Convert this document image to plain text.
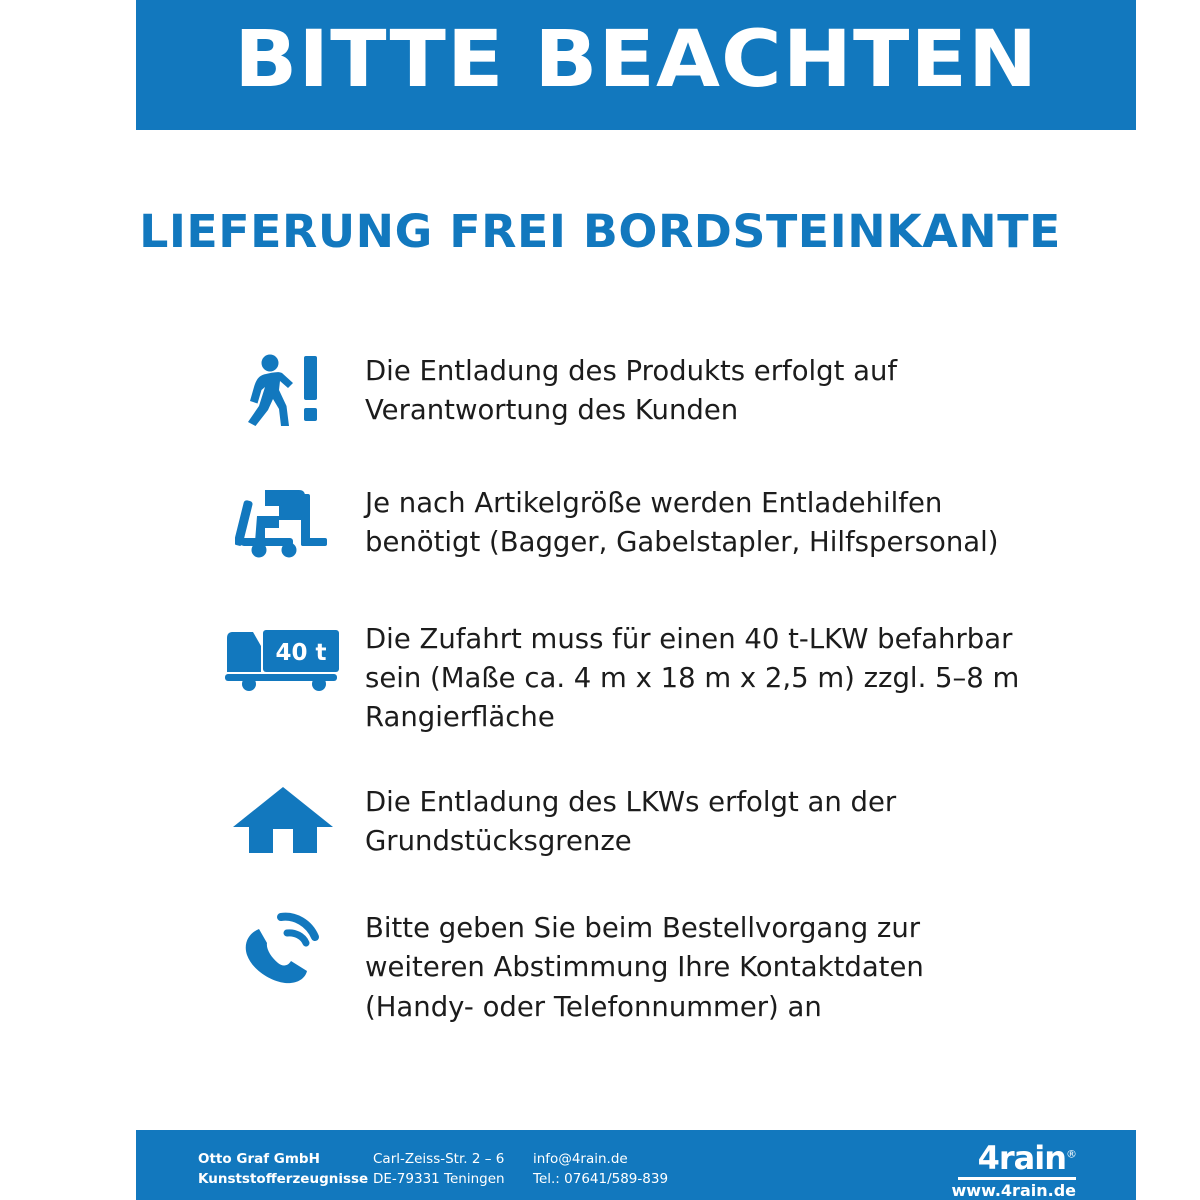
BITTE BEACHTEN
LIEFERUNG FREI BORDSTEINKANTE
Die Entladung des Produkts erfolgt auf Verantwortung des Kunden
Je nach Artikelgröße werden Entladehilfen benötigt (Bagger, Gabelstapler, Hilfspersonal)
40 t Die Zufahrt muss für einen 40 t-LKW befahrbar sein (Maße ca. 4 m x 18 m x 2,5 m) zzgl. 5–8 m Rangierfläche
Die Entladung des LKWs erfolgt an der Grundstücksgrenze
Bitte geben Sie beim Bestellvorgang zur weiteren Abstimmung Ihre Kontaktdaten (Handy- oder Telefonnummer) an
Otto Graf GmbH
Kunststofferzeugnisse
Carl-Zeiss-Str. 2 – 6
DE-79331 Teningen
info@4rain.de
Tel.: 07641/589-839
4rain®
www.4rain.de
